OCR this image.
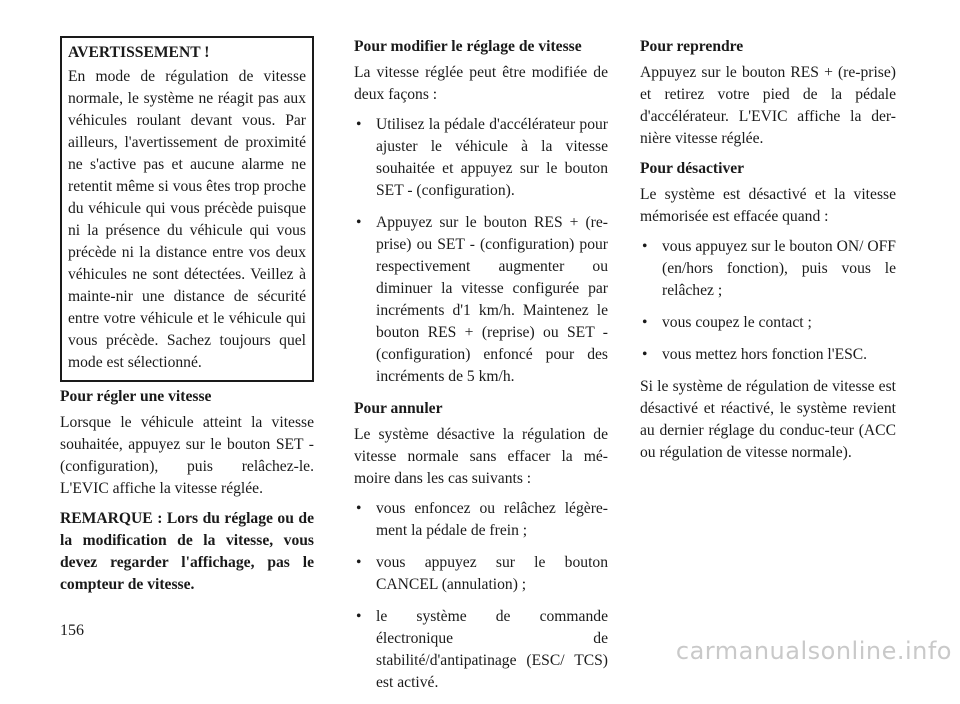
AVERTISSEMENT !

En mode de régulation de vitesse normale, le système ne réagit pas aux véhicules roulant devant vous. Par ailleurs, l'avertissement de proximité ne s'active pas et aucune alarme ne retentit même si vous êtes trop proche du véhicule qui vous précède puisque ni la présence du véhicule qui vous précède ni la distance entre vos deux véhicules ne sont détectées. Veillez à mainte-nir une distance de sécurité entre votre véhicule et le véhicule qui vous précède. Sachez toujours quel mode est sélectionné.

Pour régler une vitesse

Lorsque le véhicule atteint la vitesse souhaitée, appuyez sur le bouton SET - (configuration), puis relâchez-le. L'EVIC affiche la vitesse réglée.

REMARQUE : Lors du réglage ou de la modification de la vitesse, vous devez regarder l'affichage, pas le compteur de vitesse.

Pour modifier le réglage de vitesse

La vitesse réglée peut être modifiée de deux façons :

• Utilisez la pédale d'accélérateur pour ajuster le véhicule à la vitesse souhaitée et appuyez sur le bouton SET - (configuration).
• Appuyez sur le bouton RES + (re-prise) ou SET - (configuration) pour respectivement augmenter ou diminuer la vitesse configurée par incréments d'1 km/h. Maintenez le bouton RES + (reprise) ou SET - (configuration) enfoncé pour des incréments de 5 km/h.
Pour annuler

Le système désactive la régulation de vitesse normale sans effacer la mé-moire dans les cas suivants :

• vous enfoncez ou relâchez légère-ment la pédale de frein ;
• vous appuyez sur le bouton CANCEL (annulation) ;
• le système de commande électronique de stabilité/d'antipatinage (ESC/ TCS) est activé.
Pour reprendre

Appuyez sur le bouton RES + (re-prise) et retirez votre pied de la pédale d'accélérateur. L'EVIC affiche la der-nière vitesse réglée.

Pour désactiver

Le système est désactivé et la vitesse mémorisée est effacée quand :

• vous appuyez sur le bouton ON/ OFF (en/hors fonction), puis vous le relâchez ;
• vous coupez le contact ;
• vous mettez hors fonction l'ESC.

Si le système de régulation de vitesse est désactivé et réactivé, le système revient au dernier réglage du conduc-teur (ACC ou régulation de vitesse normale).

156
carmanualsonline.info
